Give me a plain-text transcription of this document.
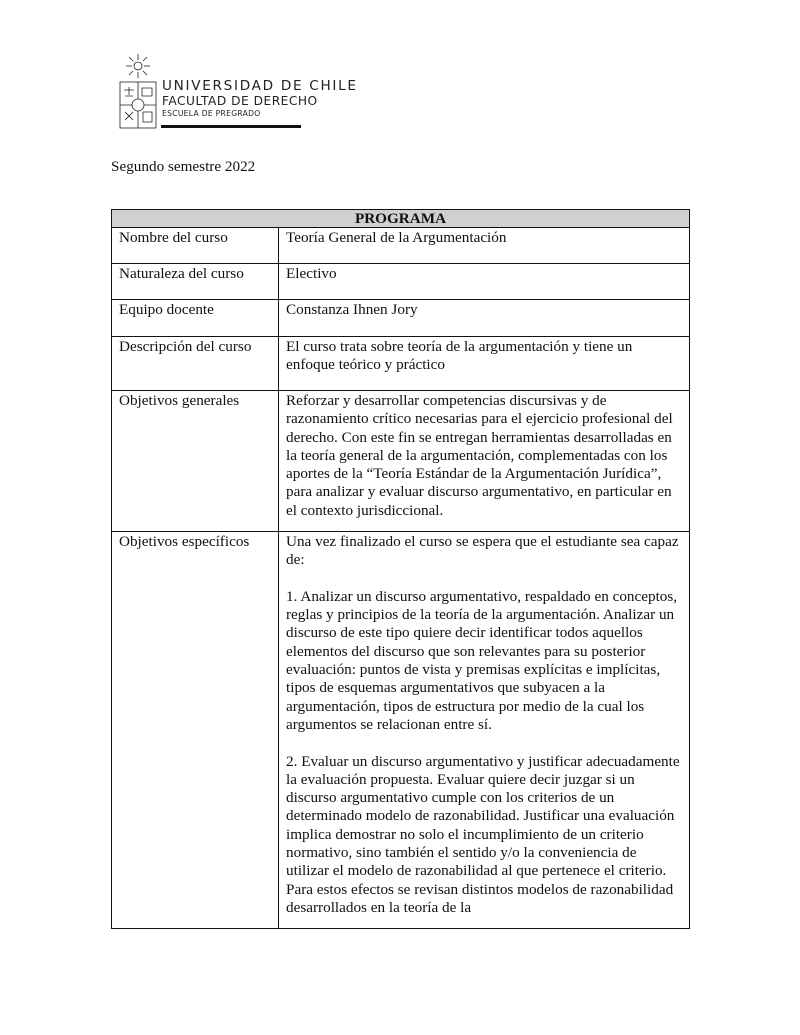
UNIVERSIDAD DE CHILE
FACULTAD DE DERECHO
ESCUELA DE PREGRADO
Segundo semestre 2022
PROGRAMA	
Nombre del curso	Teoría General de la Argumentación
Naturaleza del curso	Electivo
Equipo docente	Constanza Ihnen Jory
Descripción del curso	El curso trata sobre teoría de la argumentación y tiene un enfoque teórico y práctico
Objetivos generales	Reforzar y desarrollar competencias discursivas y de razonamiento crítico necesarias para el ejercicio profesional del derecho. Con este fin se entregan herramientas desarrolladas en la teoría general de la argumentación, complementadas con los aportes de la “Teoría Estándar de la Argumentación Jurídica”, para analizar y evaluar discurso argumentativo, en particular en el contexto jurisdiccional.
Objetivos específicos	Una vez finalizado el curso se espera que el estudiante sea capaz de:

1. Analizar un discurso argumentativo, respaldado en conceptos, reglas y principios de la teoría de la argumentación. Analizar un discurso de este tipo quiere decir identificar todos aquellos elementos del discurso que son relevantes para su posterior evaluación: puntos de vista y premisas explícitas e implícitas, tipos de esquemas argumentativos que subyacen a la argumentación, tipos de estructura por medio de la cual los argumentos se relacionan entre sí.

2. Evaluar un discurso argumentativo y justificar adecuadamente la evaluación propuesta. Evaluar quiere decir juzgar si un discurso argumentativo cumple con los criterios de un determinado modelo de razonabilidad. Justificar una evaluación implica demostrar no solo el incumplimiento de un criterio normativo, sino también el sentido y/o la conveniencia de utilizar el modelo de razonabilidad al que pertenece el criterio. Para estos efectos se revisan distintos modelos de razonabilidad desarrollados en la teoría de la
